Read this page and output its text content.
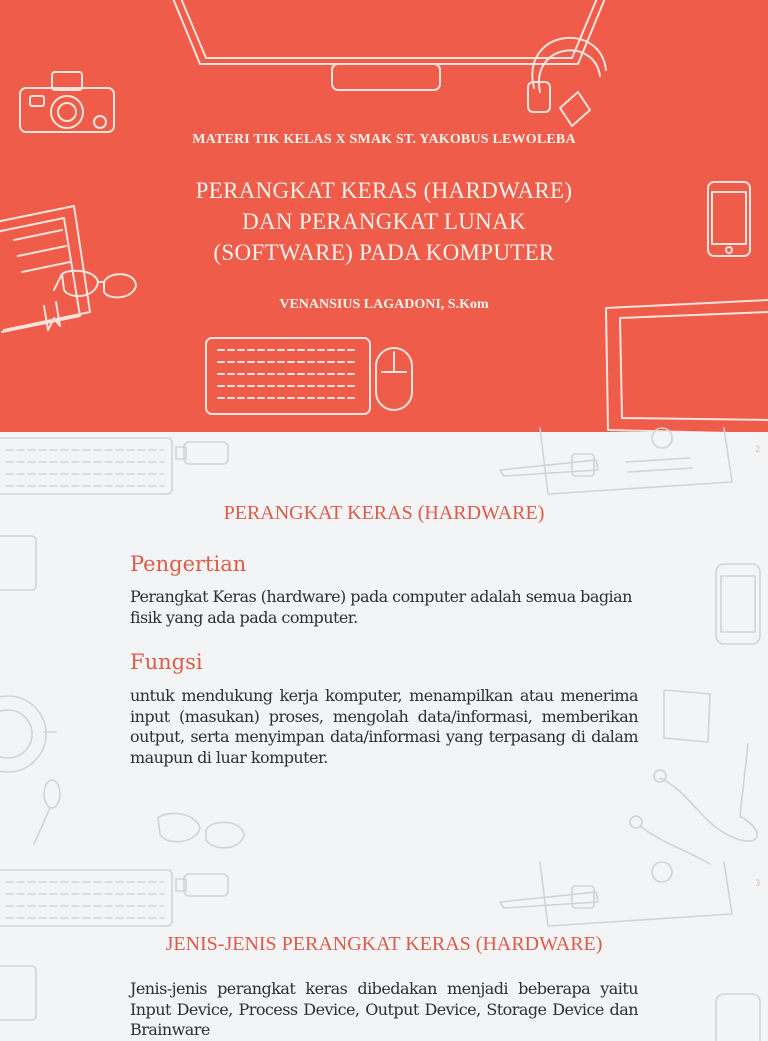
MATERI TIK KELAS X SMAK ST. YAKOBUS LEWOLEBA
PERANGKAT KERAS (HARDWARE)
DAN PERANGKAT LUNAK
(SOFTWARE) PADA KOMPUTER
VENANSIUS LAGADONI, S.Kom
2
PERANGKAT KERAS (HARDWARE)
Pengertian
Perangkat Keras (hardware) pada computer adalah semua bagian fisik yang ada pada computer.
Fungsi
untuk mendukung kerja komputer, menampilkan atau menerima input (masukan) proses, mengolah data/informasi, memberikan output, serta menyimpan data/informasi yang terpasang di dalam maupun di luar komputer.
3
JENIS-JENIS PERANGKAT KERAS (HARDWARE)
Jenis-jenis perangkat keras dibedakan menjadi beberapa yaitu Input Device, Process Device, Output Device, Storage Device dan Brainware
